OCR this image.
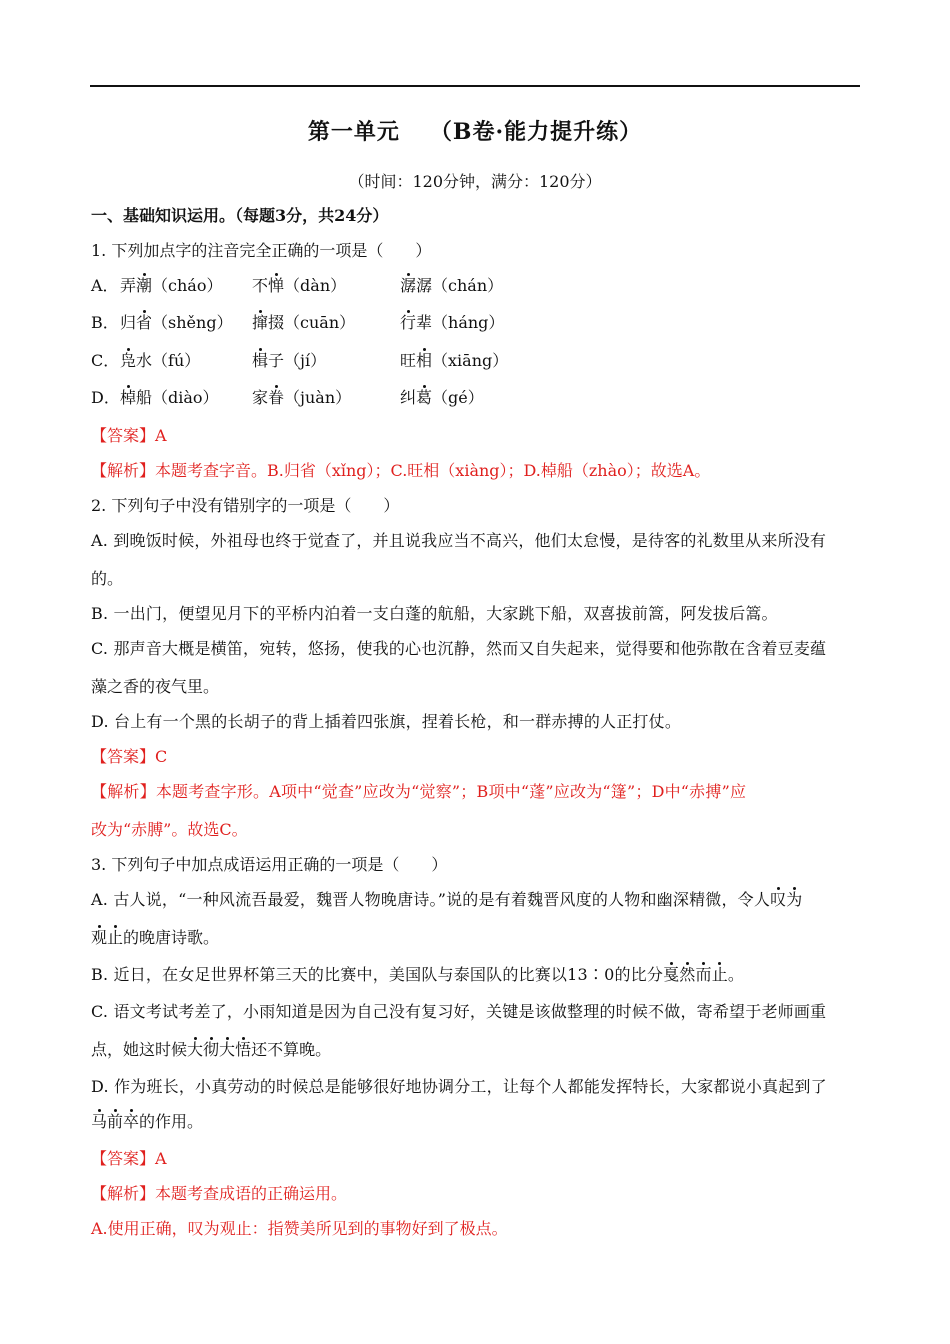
第一单元 （B卷·能力提升练）
（时间：120分钟，满分：120分）
一、基础知识运用。（每题3分，共24分）
1. 下列加点字的注音完全正确的一项是（　　）
A． 弄潮（cháo） 不惮（dàn）	潺潺（chán）
B． 归省（shěng） 撺掇（cuān）	行辈（háng）
C． 凫水（fú）	楫子（jí）	旺相（xiāng）
D． 棹船（diào） 家眷（juàn）	纠葛（gé）
【答案】A
【解析】本题考查字音。B.归省（xǐng）；C.旺相（xiàng）；D.棹船（zhào）；故选A。
2. 下列句子中没有错别字的一项是（　　）
A. 到晚饭时候，外祖母也终于觉查了，并且说我应当不高兴，他们太怠慢，是待客的礼数里从来所没有
的。
B. 一出门，便望见月下的平桥内泊着一支白蓬的航船，大家跳下船，双喜拔前篙，阿发拔后篙。
C. 那声音大概是横笛，宛转，悠扬，使我的心也沉静，然而又自失起来，觉得要和他弥散在含着豆麦蕴
藻之香的夜气里。
D. 台上有一个黑的长胡子的背上插着四张旗，捏着长枪，和一群赤搏的人正打仗。
【答案】C
【解析】本题考查字形。A项中“觉查”应改为“觉察”；B项中“蓬”应改为“篷”；D中“赤搏”应
改为“赤膊”。故选C。
3. 下列句子中加点成语运用正确的一项是（　　）
A. 古人说，“一种风流吾最爱，魏晋人物晚唐诗。”说的是有着魏晋风度的人物和幽深精微，令人叹为
观止的晚唐诗歌。
B. 近日，在女足世界杯第三天的比赛中，美国队与泰国队的比赛以13∶0的比分戛然而止。
C. 语文考试考差了，小雨知道是因为自己没有复习好，关键是该做整理的时候不做，寄希望于老师画重
点，她这时候大彻大悟还不算晚。
D. 作为班长，小真劳动的时候总是能够很好地协调分工，让每个人都能发挥特长，大家都说小真起到了
马前卒的作用。
【答案】A
【解析】本题考查成语的正确运用。
A.使用正确，叹为观止：指赞美所见到的事物好到了极点。
